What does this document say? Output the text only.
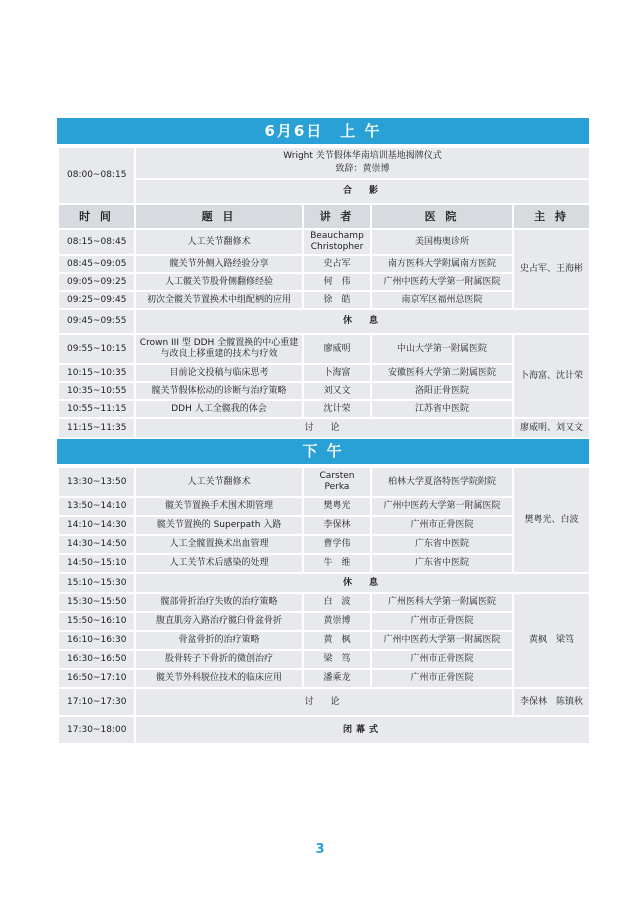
6月6日　上 午
08:00~08:15	Wright 关节假体华南培训基地揭牌仪式
致辞：黄崇博			

	合　影			
时 间	题 目	讲 者	医 院	主 持
08:15~08:45	人工关节翻修术	Beauchamp Christopher	美国梅奥诊所	史占军、王海彬
08:45~09:05	髋关节外侧入路经验分享	史占军	南方医科大学附属南方医院	
09:05~09:25	人工髋关节股骨侧翻修经验	何　伟	广州中医药大学第一附属医院	
09:25~09:45	初次全髋关节置换术中组配柄的应用	徐　皓	南京军区福州总医院	
09:45~09:55	休　息			
09:55~10:15	Crown III 型 DDH 全髋置换的中心重建与改良上移重建的技术与疗效	廖威明	中山大学第一附属医院	卜海富、沈计荣
10:15~10:35	目前论文投稿与临床思考	卜海富	安徽医科大学第二附属医院	
10:35~10:55	髋关节假体松动的诊断与治疗策略	刘又文	洛阳正骨医院	
10:55~11:15	DDH 人工全髋我的体会	沈计荣	江苏省中医院	
11:15~11:35	讨　论			廖威明、刘又文
下 午
13:30~13:50	人工关节翻修术	Carsten Perka	柏林大学夏洛特医学院附院	樊粤光、白波
13:50~14:10	髋关节置换手术围术期管理	樊粤光	广州中医药大学第一附属医院	
14:10~14:30	髋关节置换的 Superpath 入路	李保林	广州市正骨医院	
14:30~14:50	人工全髋置换术出血管理	曹学伟	广东省中医院	
14:50~15:10	人工关节术后感染的处理	牛　维	广东省中医院	
15:10~15:30	休　息			
15:30~15:50	髋部骨折治疗失败的治疗策略	白　波	广州医科大学第一附属医院	黄枫　梁笃
15:50~16:10	腹直肌旁入路治疗髋臼骨盆骨折	黄崇博	广州市正骨医院	
16:10~16:30	骨盆骨折的治疗策略	黄　枫	广州中医药大学第一附属医院	
16:30~16:50	股骨转子下骨折的微创治疗	梁　笃	广州市正骨医院	
16:50~17:10	髋关节外科脱位技术的临床应用	潘乘龙	广州市正骨医院	
17:10~17:30	讨　论			李保林　陈镇秋
17:30~18:00	闭幕式			
3
